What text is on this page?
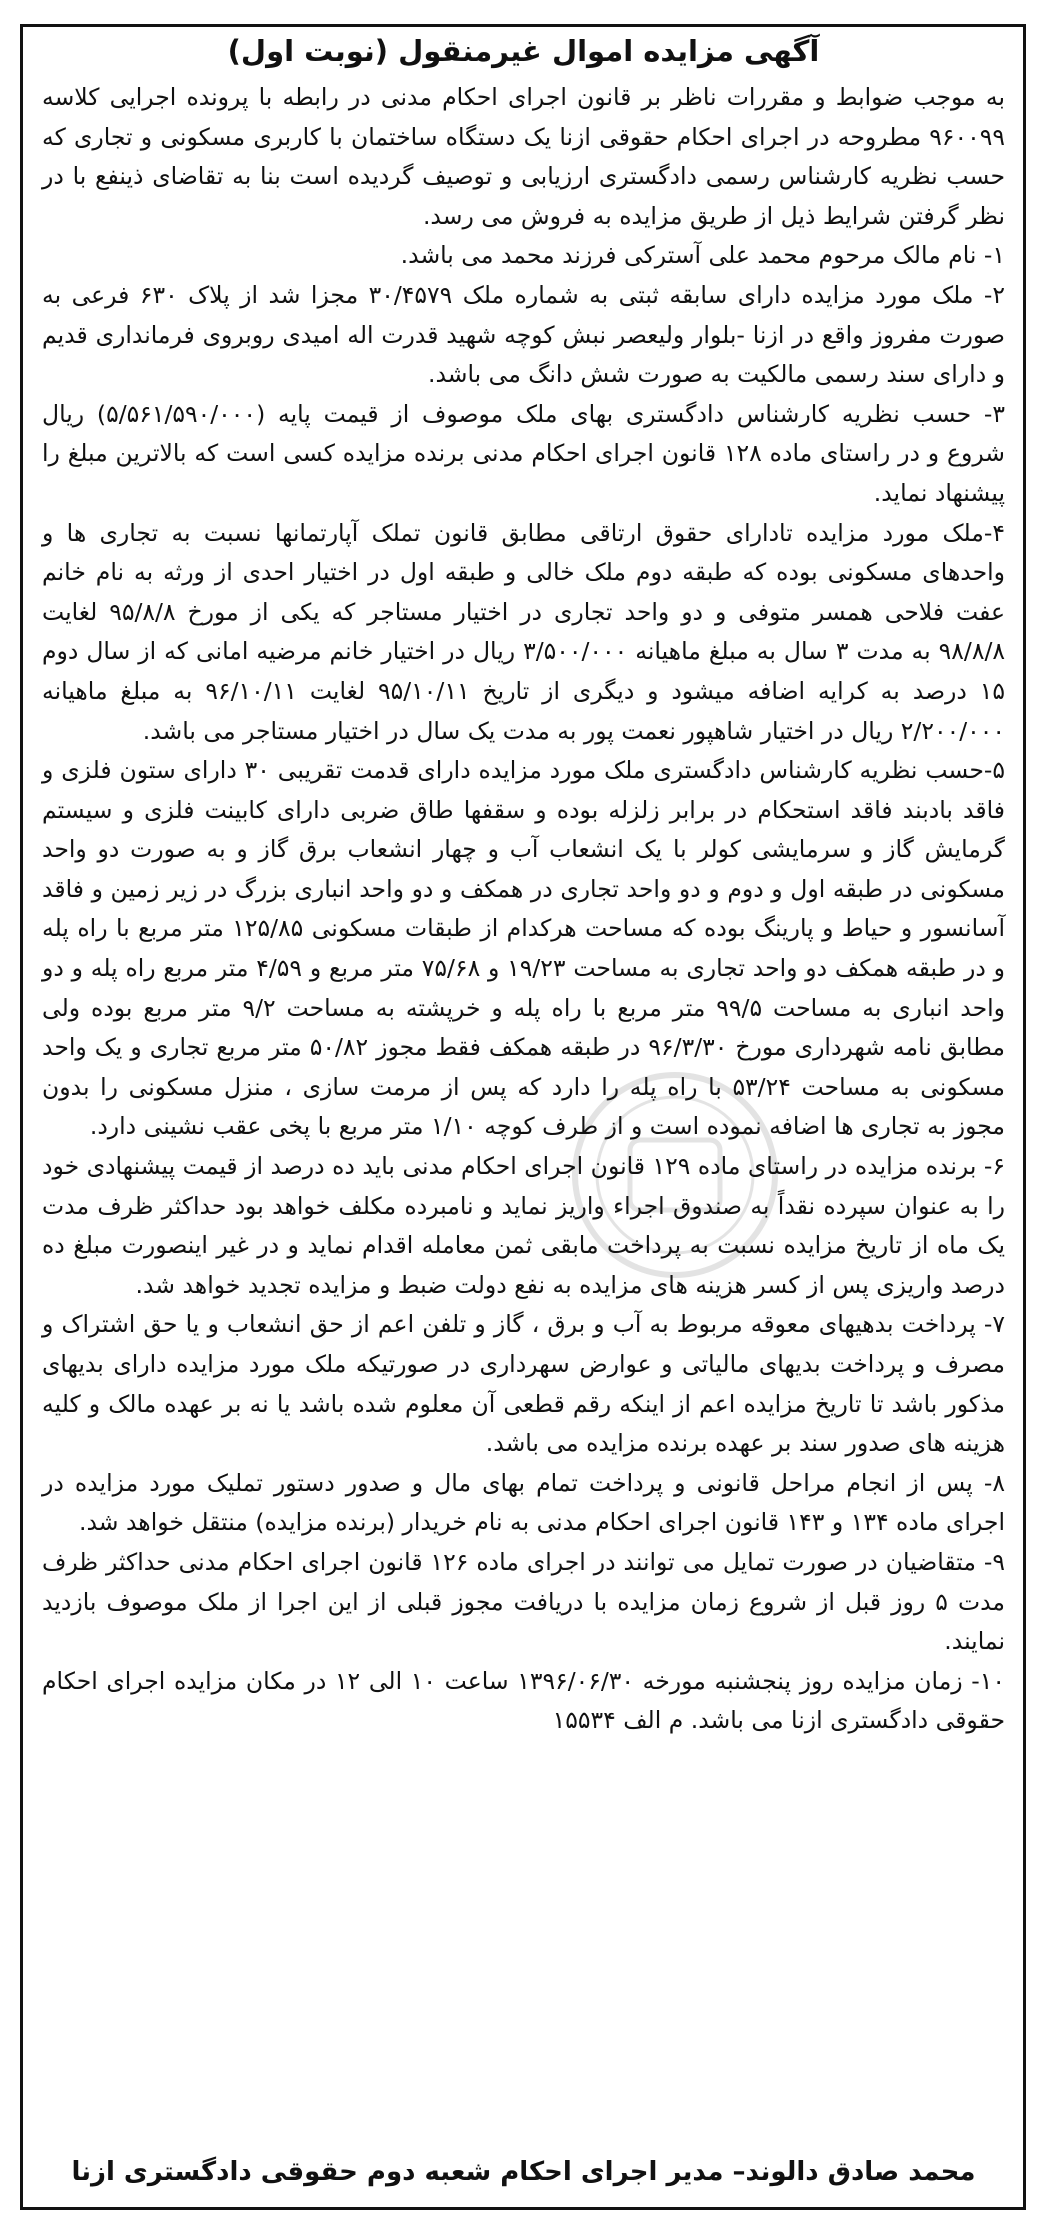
آگهی مزایده اموال غیرمنقول (نوبت اول)

به موجب ضوابط و مقررات ناظر بر قانون اجرای احکام مدنی در رابطه با پرونده اجرایی کلاسه ۹۶۰۰۹۹ مطروحه در اجرای احکام حقوقی ازنا یک دستگاه ساختمان با کاربری مسکونی و تجاری که حسب نظریه کارشناس رسمی دادگستری ارزیابی و توصیف گردیده است بنا به تقاضای ذینفع با در نظر گرفتن شرایط ذیل از طریق مزایده به فروش می رسد.

۱- نام مالک مرحوم محمد علی آسترکی فرزند محمد می باشد.

۲- ملک مورد مزایده دارای سابقه ثبتی به شماره ملک ۳۰/۴۵۷۹ مجزا شد از پلاک ۶۳۰ فرعی به صورت مفروز واقع در ازنا -بلوار ولیعصر نبش کوچه شهید قدرت اله امیدی روبروی فرمانداری قدیم و دارای سند رسمی مالکیت به صورت شش دانگ می باشد.

۳- حسب نظریه کارشناس دادگستری بهای ملک موصوف از قیمت پایه (۵/۵۶۱/۵۹۰/۰۰۰) ریال شروع و در راستای ماده ۱۲۸ قانون اجرای احکام مدنی برنده مزایده کسی است که بالاترین مبلغ را پیشنهاد نماید.

۴-ملک مورد مزایده تادارای حقوق ارتاقی مطابق قانون تملک آپارتمانها نسبت به تجاری ها و واحدهای مسکونی بوده که طبقه دوم ملک خالی و طبقه اول در اختیار احدی از ورثه به نام خانم عفت فلاحی همسر متوفی و دو واحد تجاری در اختیار مستاجر که یکی از مورخ ۹۵/۸/۸ لغایت ۹۸/۸/۸ به مدت ۳ سال به مبلغ ماهیانه ۳/۵۰۰/۰۰۰ ریال در اختیار خانم مرضیه امانی که از سال دوم ۱۵ درصد به کرایه اضافه میشود و دیگری از تاریخ ۹۵/۱۰/۱۱ لغایت ۹۶/۱۰/۱۱ به مبلغ ماهیانه ۲/۲۰۰/۰۰۰ ریال در اختیار شاهپور نعمت پور به مدت یک سال در اختیار مستاجر می باشد.

۵-حسب نظریه کارشناس دادگستری ملک مورد مزایده دارای قدمت تقریبی ۳۰ دارای ستون فلزی و فاقد بادبند فاقد استحکام در برابر زلزله بوده و سقفها طاق ضربی دارای کابینت فلزی و سیستم گرمایش گاز و سرمایشی کولر با یک انشعاب آب و چهار انشعاب برق گاز و به صورت دو واحد مسکونی در طبقه اول و دوم و دو واحد تجاری در همکف و دو واحد انباری بزرگ در زیر زمین و فاقد آسانسور و حیاط و پارینگ بوده که مساحت هرکدام از طبقات مسکونی ۱۲۵/۸۵ متر مربع با راه پله و در طبقه همکف دو واحد تجاری به مساحت ۱۹/۲۳ و ۷۵/۶۸ متر مربع و ۴/۵۹ متر مربع راه پله و دو واحد انباری به مساحت ۹۹/۵ متر مربع با راه پله و خرپشته به مساحت ۹/۲ متر مربع بوده ولی مطابق نامه شهرداری مورخ ۹۶/۳/۳۰ در طبقه همکف فقط مجوز ۵۰/۸۲ متر مربع تجاری و یک واحد مسکونی به مساحت ۵۳/۲۴ با راه پله را دارد که پس از مرمت سازی ، منزل مسکونی را بدون مجوز به تجاری ها اضافه نموده است و از طرف کوچه ۱/۱۰ متر مربع با پخی عقب نشینی دارد.

۶- برنده مزایده در راستای ماده ۱۲۹ قانون اجرای احکام مدنی باید ده درصد از قیمت پیشنهادی خود را به عنوان سپرده نقداً به صندوق اجراء واریز نماید و نامبرده مکلف خواهد بود حداکثر ظرف مدت یک ماه از تاریخ مزایده نسبت به پرداخت مابقی ثمن معامله اقدام نماید و در غیر اینصورت مبلغ ده درصد واریزی پس از کسر هزینه های مزایده به نفع دولت ضبط و مزایده تجدید خواهد شد.

۷- پرداخت بدهیهای معوقه مربوط به آب و برق ، گاز و تلفن اعم از حق انشعاب و یا حق اشتراک و مصرف و پرداخت بدیهای مالیاتی و عوارض سهرداری در صورتیکه ملک مورد مزایده دارای بدیهای مذکور باشد تا تاریخ مزایده اعم از اینکه رقم قطعی آن معلوم شده باشد یا نه بر عهده مالک و کلیه هزینه های صدور سند بر عهده برنده مزایده می باشد.

۸- پس از انجام مراحل قانونی و پرداخت تمام بهای مال و صدور دستور تملیک مورد مزایده در اجرای ماده ۱۳۴ و ۱۴۳ قانون اجرای احکام مدنی به نام خریدار (برنده مزایده) منتقل خواهد شد.

۹- متقاضیان در صورت تمایل می توانند در اجرای ماده ۱۲۶ قانون اجرای احکام مدنی حداکثر ظرف مدت ۵ روز قبل از شروع زمان مزایده با دریافت مجوز قبلی از این اجرا از ملک موصوف بازدید نمایند.

۱۰- زمان مزایده روز پنجشنبه مورخه ۱۳۹۶/۰۶/۳۰ ساعت ۱۰ الی ۱۲ در مکان مزایده اجرای احکام حقوقی دادگستری ازنا می باشد. م الف ۱۵۵۳۴

محمد صادق دالوند– مدیر اجرای احکام شعبه دوم حقوقی دادگستری ازنا
